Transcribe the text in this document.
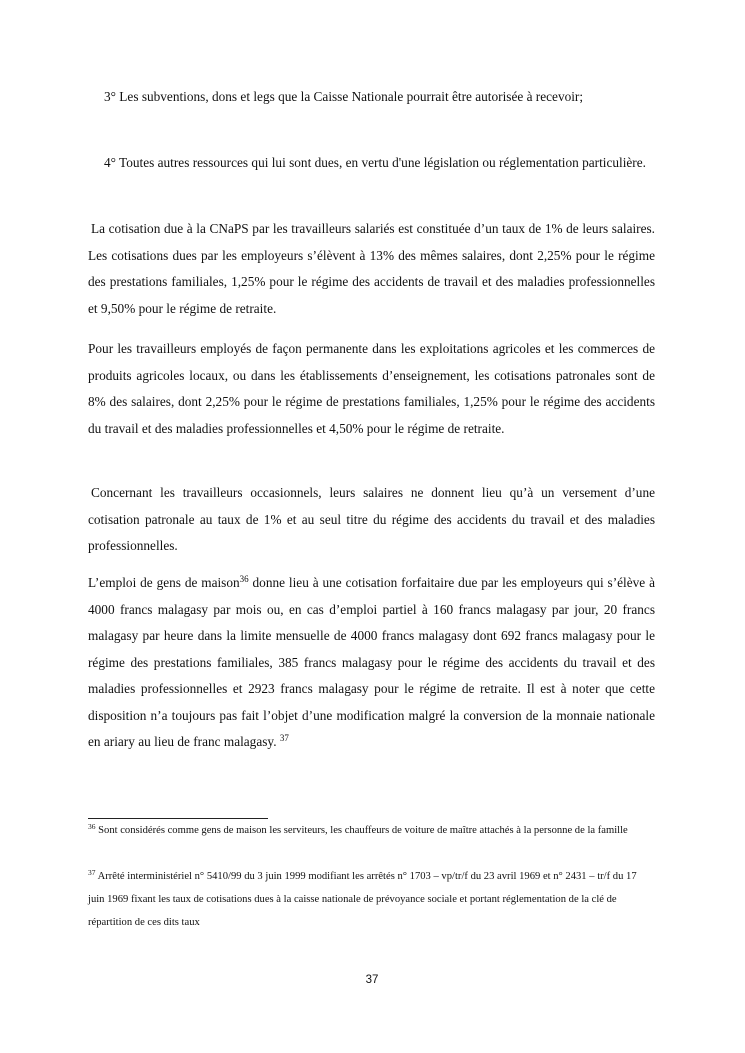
3° Les subventions, dons et legs que la Caisse Nationale pourrait être autorisée à recevoir;

4° Toutes autres ressources qui lui sont dues, en vertu d'une législation ou réglementation particulière.

La cotisation due à la CNaPS par les travailleurs salariés est constituée d’un taux de 1% de leurs salaires. Les cotisations dues par les employeurs s’élèvent à 13% des mêmes salaires, dont 2,25% pour le régime des prestations familiales, 1,25% pour le régime des accidents de travail et des maladies professionnelles et 9,50% pour le régime de retraite.

Pour les travailleurs employés de façon permanente dans les exploitations agricoles et les commerces de produits agricoles locaux, ou dans les établissements d’enseignement, les cotisations patronales sont de 8% des salaires, dont 2,25% pour le régime de prestations familiales, 1,25% pour le régime des accidents du travail et des maladies professionnelles et 4,50% pour le régime de retraite.

Concernant les travailleurs occasionnels, leurs salaires ne donnent lieu qu’à un versement d’une cotisation patronale au taux de 1% et au seul titre du régime des accidents du travail et des maladies professionnelles.

L’emploi de gens de maison$^{36}$ donne lieu à une cotisation forfaitaire due par les employeurs qui s’élève à 4000 francs malagasy par mois ou, en cas d’emploi partiel à 160 francs malagasy par jour, 20 francs malagasy par heure dans la limite mensuelle de 4000 francs malagasy dont 692 francs malagasy pour le régime des prestations familiales, 385 francs malagasy pour le régime des accidents du travail et des maladies professionnelles et 2923 francs malagasy pour le régime de retraite. Il est à noter que cette disposition n’a toujours pas fait l’objet d’une modification malgré la conversion de la monnaie nationale en ariary au lieu de franc malagasy. $^{37}$

$^{36}$ Sont considérés comme gens de maison les serviteurs, les chauffeurs de voiture de maître attachés à la personne de la famille

$^{37}$ Arrêté interministériel n° 5410/99 du 3 juin 1999 modifiant les arrêtés n° 1703 – vp/tr/f du 23 avril 1969 et n° 2431 – tr/f du 17 juin 1969 fixant les taux de cotisations dues à la caisse nationale de prévoyance sociale et portant réglementation de la clé de répartition de ces dits taux

37
